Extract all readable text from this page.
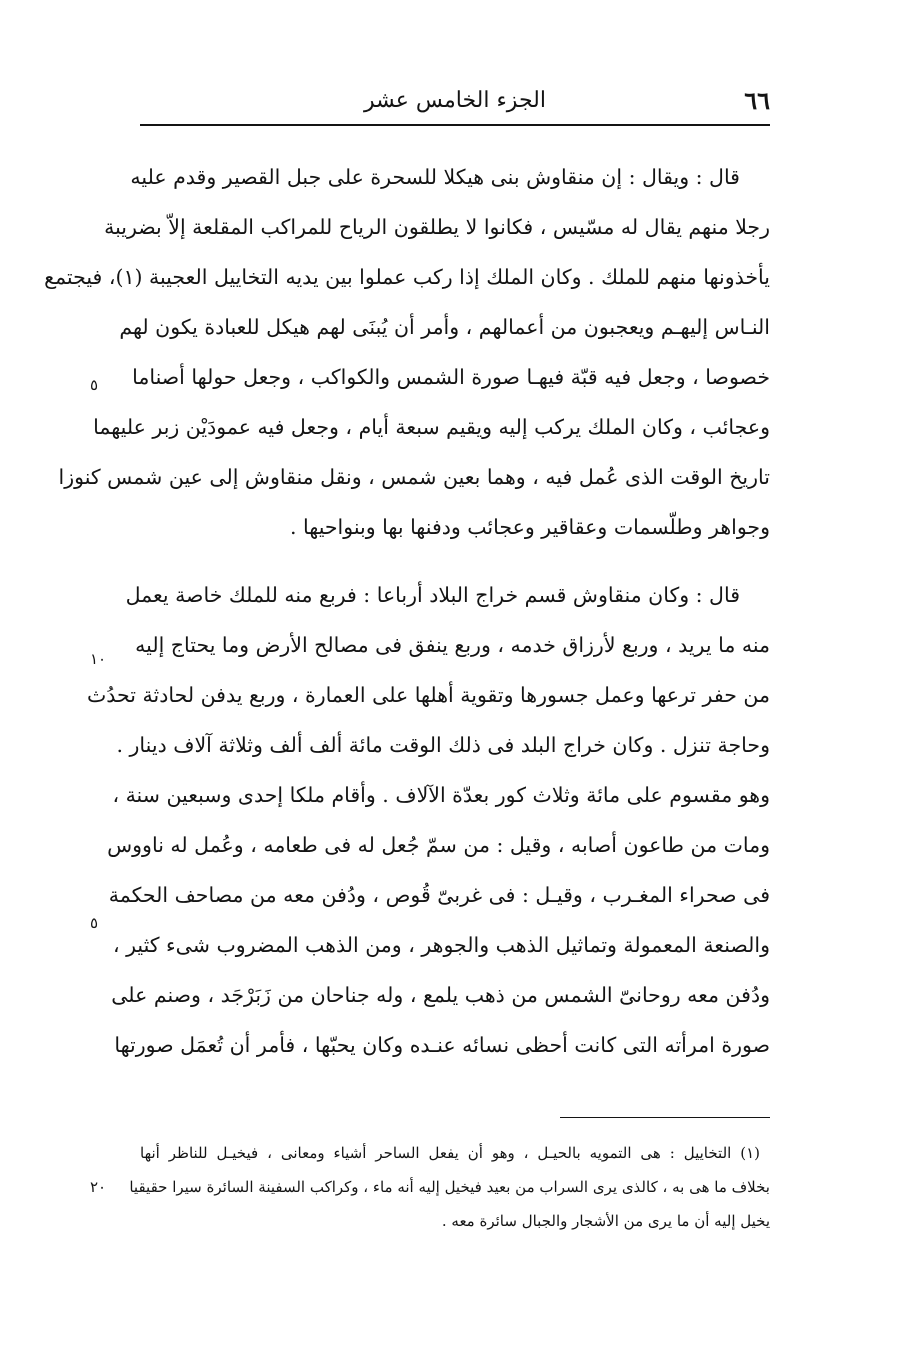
٦٦
الجزء الخامس عشر
قال : ويقال : إن منقاوش بنى هيكلا للسحرة على جبل القصير وقدم عليه
رجلا منهم يقال له مسّيس ، فكانوا لا يطلقون الرياح للمراكب المقلعة إلاّ بضريبة
يأخذونها منهم للملك . وكان الملك إذا ركب عملوا بين يديه التخاييل العجيبة (١)، فيجتمع
النـاس إليهـم ويعجبون من أعمالهم ، وأمر أن يُبنَى لهم هيكل للعبادة يكون لهم
خصوصا ، وجعل فيه قبّة فيهـا صورة الشمس والكواكب ، وجعل حولها أصناما
وعجائب ، وكان الملك يركب إليه ويقيم سبعة أيام ، وجعل فيه عمودَيْن زبر عليهما
تاريخ الوقت الذى عُمل فيه ، وهما بعين شمس ، ونقل منقاوش إلى عين شمس كنوزا
وجواهر وطلّسمات وعقاقير وعجائب ودفنها بها وبنواحيها .
قال : وكان منقاوش قسم خراج البلاد أرباعا : فربع منه للملك خاصة يعمل
منه ما يريد ، وربع لأرزاق خدمه ، وربع ينفق فى مصالح الأرض وما يحتاج إليه
من حفر ترعها وعمل جسورها وتقوية أهلها على العمارة ، وربع يدفن لحادثة تحدُث
وحاجة تنزل . وكان خراج البلد فى ذلك الوقت مائة ألف ألف وثلاثة آلاف دينار .
وهو مقسوم على مائة وثلاث كور بعدّة الآلاف . وأقام ملكا إحدى وسبعين سنة ،
ومات من طاعون أصابه ، وقيل : من سمّ جُعل له فى طعامه ، وعُمل له ناووس
فى صحراء المغـرب ، وقيـل : فى غربىّ قُوص ، ودُفن معه من مصاحف الحكمة
والصنعة المعمولة وتماثيل الذهب والجوهر ، ومن الذهب المضروب شىء كثير ،
ودُفن معه روحانىّ الشمس من ذهب يلمع ، وله جناحان من زَبَرْجَد ، وصنم على
صورة امرأته التى كانت أحظى نسائه عنـده وكان يحبّها ، فأمر أن تُعمَل صورتها
٥
١٠
٥
٢٠
(١) التخاييل : هى التمويه بالحيـل ، وهو أن يفعل الساحر أشياء ومعانى ، فيخيـل للناظر أنها
بخلاف ما هى به ، كالذى يرى السراب من بعيد فيخيل إليه أنه ماء ، وكراكب السفينة السائرة سيرا حقيقيا
يخيل إليه أن ما يرى من الأشجار والجبال سائرة معه .
